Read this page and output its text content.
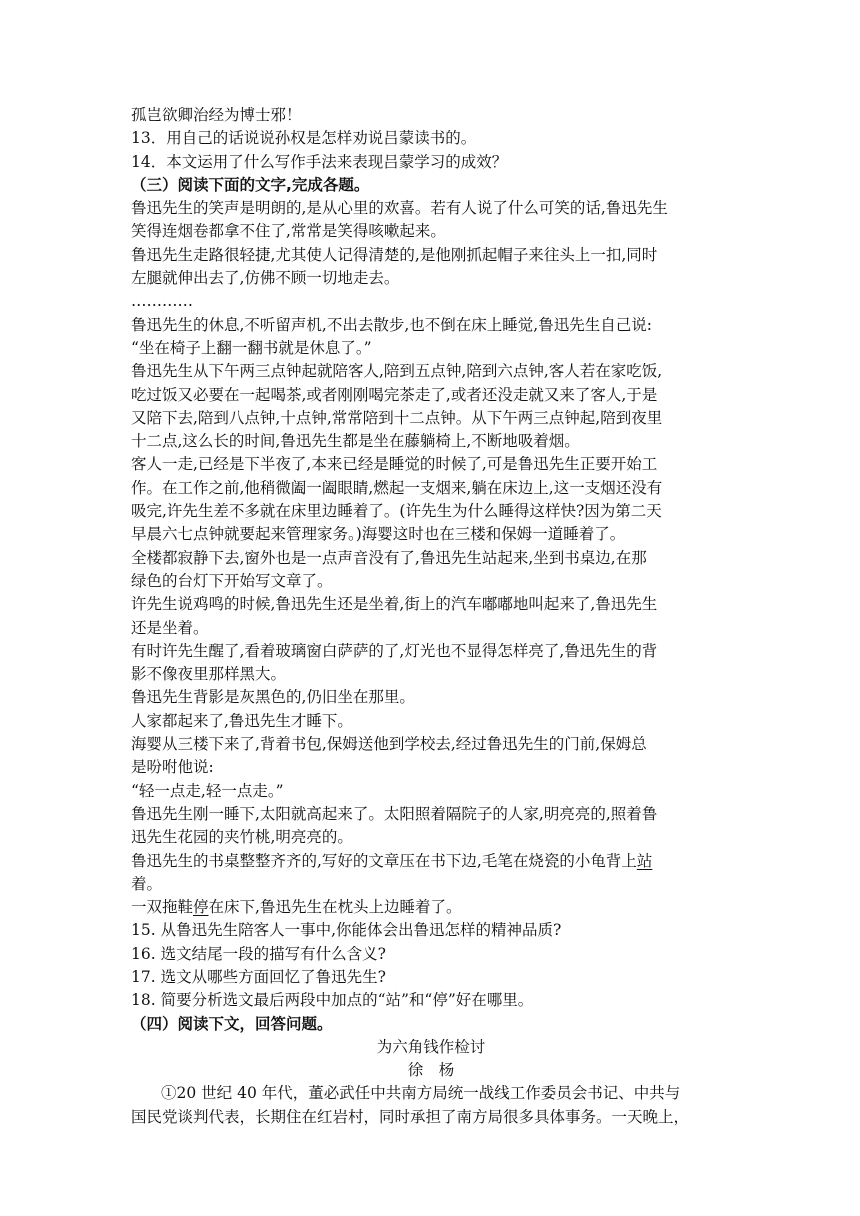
孤岂欲卿治经为博士邪！

13．用自己的话说说孙权是怎样劝说吕蒙读书的。

14．本文运用了什么写作手法来表现吕蒙学习的成效？

（三）阅读下面的文字,完成各题。

鲁迅先生的笑声是明朗的,是从心里的欢喜。若有人说了什么可笑的话,鲁迅先生

笑得连烟卷都拿不住了,常常是笑得咳嗽起来。

鲁迅先生走路很轻捷,尤其使人记得清楚的,是他刚抓起帽子来往头上一扣,同时

左腿就伸出去了,仿佛不顾一切地走去。

…………

鲁迅先生的休息,不听留声机,不出去散步,也不倒在床上睡觉,鲁迅先生自己说:

“坐在椅子上翻一翻书就是休息了。”

鲁迅先生从下午两三点钟起就陪客人,陪到五点钟,陪到六点钟,客人若在家吃饭,

吃过饭又必要在一起喝茶,或者刚刚喝完茶走了,或者还没走就又来了客人,于是

又陪下去,陪到八点钟,十点钟,常常陪到十二点钟。从下午两三点钟起,陪到夜里

十二点,这么长的时间,鲁迅先生都是坐在藤躺椅上,不断地吸着烟。

客人一走,已经是下半夜了,本来已经是睡觉的时候了,可是鲁迅先生正要开始工

作。在工作之前,他稍微阖一阖眼睛,燃起一支烟来,躺在床边上,这一支烟还没有

吸完,许先生差不多就在床里边睡着了。(许先生为什么睡得这样快?因为第二天

早晨六七点钟就要起来管理家务。)海婴这时也在三楼和保姆一道睡着了。

全楼都寂静下去,窗外也是一点声音没有了,鲁迅先生站起来,坐到书桌边,在那

绿色的台灯下开始写文章了。

许先生说鸡鸣的时候,鲁迅先生还是坐着,街上的汽车嘟嘟地叫起来了,鲁迅先生

还是坐着。

有时许先生醒了,看着玻璃窗白萨萨的了,灯光也不显得怎样亮了,鲁迅先生的背

影不像夜里那样黑大。

鲁迅先生背影是灰黑色的,仍旧坐在那里。

人家都起来了,鲁迅先生才睡下。

海婴从三楼下来了,背着书包,保姆送他到学校去,经过鲁迅先生的门前,保姆总

是吩咐他说:

“轻一点走,轻一点走。”

鲁迅先生刚一睡下,太阳就高起来了。太阳照着隔院子的人家,明亮亮的,照着鲁

迅先生花园的夹竹桃,明亮亮的。

鲁迅先生的书桌整整齐齐的,写好的文章压在书下边,毛笔在烧瓷的小龟背上站

着。

一双拖鞋停在床下,鲁迅先生在枕头上边睡着了。

15. 从鲁迅先生陪客人一事中,你能体会出鲁迅怎样的精神品质?

16. 选文结尾一段的描写有什么含义?

17. 选文从哪些方面回忆了鲁迅先生?

18. 简要分析选文最后两段中加点的“站”和“停”好在哪里。

（四）阅读下文，回答问题。

为六角钱作检讨

徐　杨

①20 世纪 40 年代，董必武任中共南方局统一战线工作委员会书记、中共与

国民党谈判代表，长期住在红岩村，同时承担了南方局很多具体事务。一天晚上，
